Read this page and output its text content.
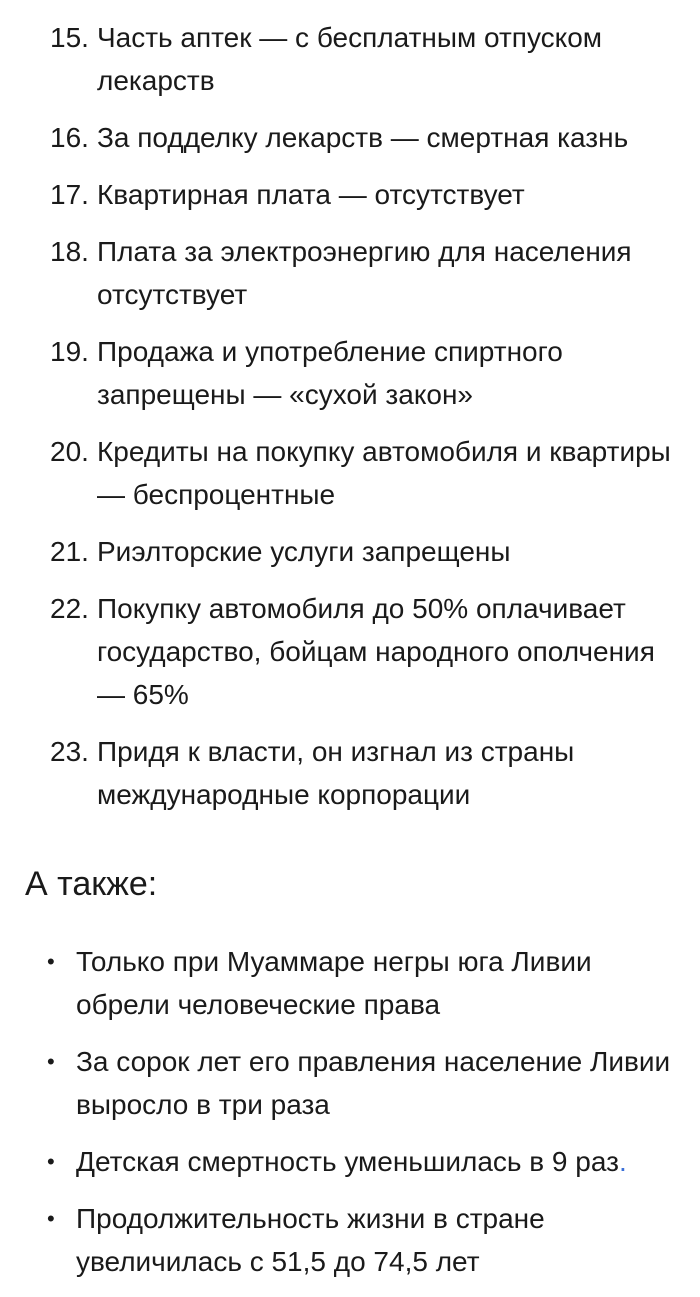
15. Часть аптек — с бесплатным отпуском лекарств
16. За подделку лекарств — смертная казнь
17. Квартирная плата — отсутствует
18. Плата за электроэнергию для населения отсутствует
19. Продажа и употребление спиртного запрещены — «сухой закон»
20. Кредиты на покупку автомобиля и квартиры — беспроцентные
21. Риэлторские услуги запрещены
22. Покупку автомобиля до 50% оплачивает государство, бойцам народного ополчения — 65%
23. Придя к власти, он изгнал из страны международные корпорации
А также:
• Только при Муаммаре негры юга Ливии обрели человеческие права
• За сорок лет его правления население Ливии выросло в три раза
• Детская смертность уменьшилась в 9 раз.
• Продолжительность жизни в стране увеличилась с 51,5 до 74,5 лет
